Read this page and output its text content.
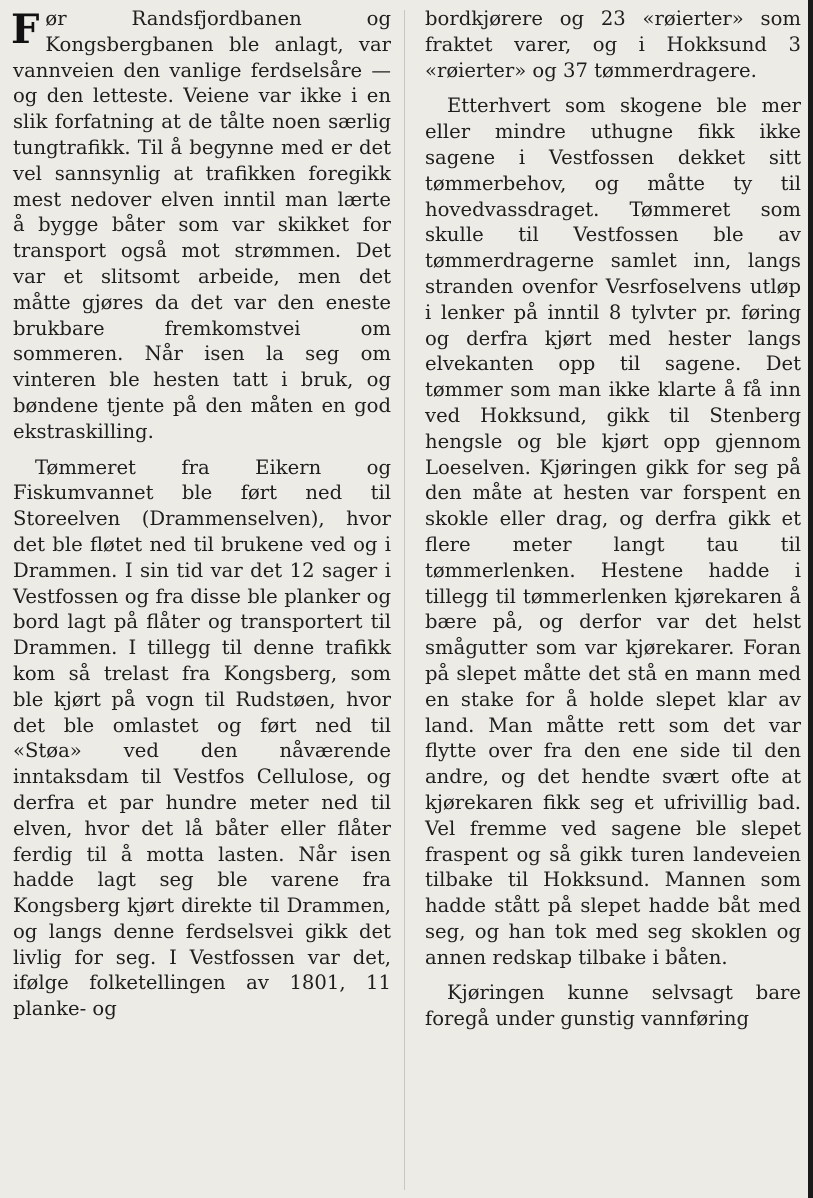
Før Randsfjordbanen og Kongsbergbanen ble anlagt, var vannveien den vanlige ferdselsåre — og den letteste. Veiene var ikke i en slik forfatning at de tålte noen særlig tungtrafikk. Til å begynne med er det vel sannsynlig at trafikken foregikk mest nedover elven inntil man lærte å bygge båter som var skikket for transport også mot strømmen. Det var et slitsomt arbeide, men det måtte gjøres da det var den eneste brukbare fremkomstvei om sommeren. Når isen la seg om vinteren ble hesten tatt i bruk, og bøndene tjente på den måten en god ekstraskilling.

Tømmeret fra Eikern og Fiskumvannet ble ført ned til Storeelven (Drammenselven), hvor det ble fløtet ned til brukene ved og i Drammen. I sin tid var det 12 sager i Vestfossen og fra disse ble planker og bord lagt på flåter og transportert til Drammen. I tillegg til denne trafikk kom så trelast fra Kongsberg, som ble kjørt på vogn til Rudstøen, hvor det ble omlastet og ført ned til «Støa» ved den nåværende inntaksdam til Vestfos Cellulose, og derfra et par hundre meter ned til elven, hvor det lå båter eller flåter ferdig til å motta lasten. Når isen hadde lagt seg ble varene fra Kongsberg kjørt direkte til Drammen, og langs denne ferdselsvei gikk det livlig for seg. I Vestfossen var det, ifølge folketellingen av 1801, 11 planke- og

bordkjørere og 23 «røierter» som fraktet varer, og i Hokksund 3 «røierter» og 37 tømmerdragere.

Etterhvert som skogene ble mer eller mindre uthugne fikk ikke sagene i Vestfossen dekket sitt tømmerbehov, og måtte ty til hovedvassdraget. Tømmeret som skulle til Vestfossen ble av tømmerdragerne samlet inn, langs stranden ovenfor Vesrfoselvens utløp i lenker på inntil 8 tylvter pr. føring og derfra kjørt med hester langs elvekanten opp til sagene. Det tømmer som man ikke klarte å få inn ved Hokksund, gikk til Stenberg hengsle og ble kjørt opp gjennom Loeselven. Kjøringen gikk for seg på den måte at hesten var forspent en skokle eller drag, og derfra gikk et flere meter langt tau til tømmerlenken. Hestene hadde i tillegg til tømmerlenken kjørekaren å bære på, og derfor var det helst smågutter som var kjørekarer. Foran på slepet måtte det stå en mann med en stake for å holde slepet klar av land. Man måtte rett som det var flytte over fra den ene side til den andre, og det hendte svært ofte at kjørekaren fikk seg et ufrivillig bad. Vel fremme ved sagene ble slepet fraspent og så gikk turen landeveien tilbake til Hokksund. Mannen som hadde stått på slepet hadde båt med seg, og han tok med seg skoklen og annen redskap tilbake i båten.

Kjøringen kunne selvsagt bare foregå under gunstig vannføring
